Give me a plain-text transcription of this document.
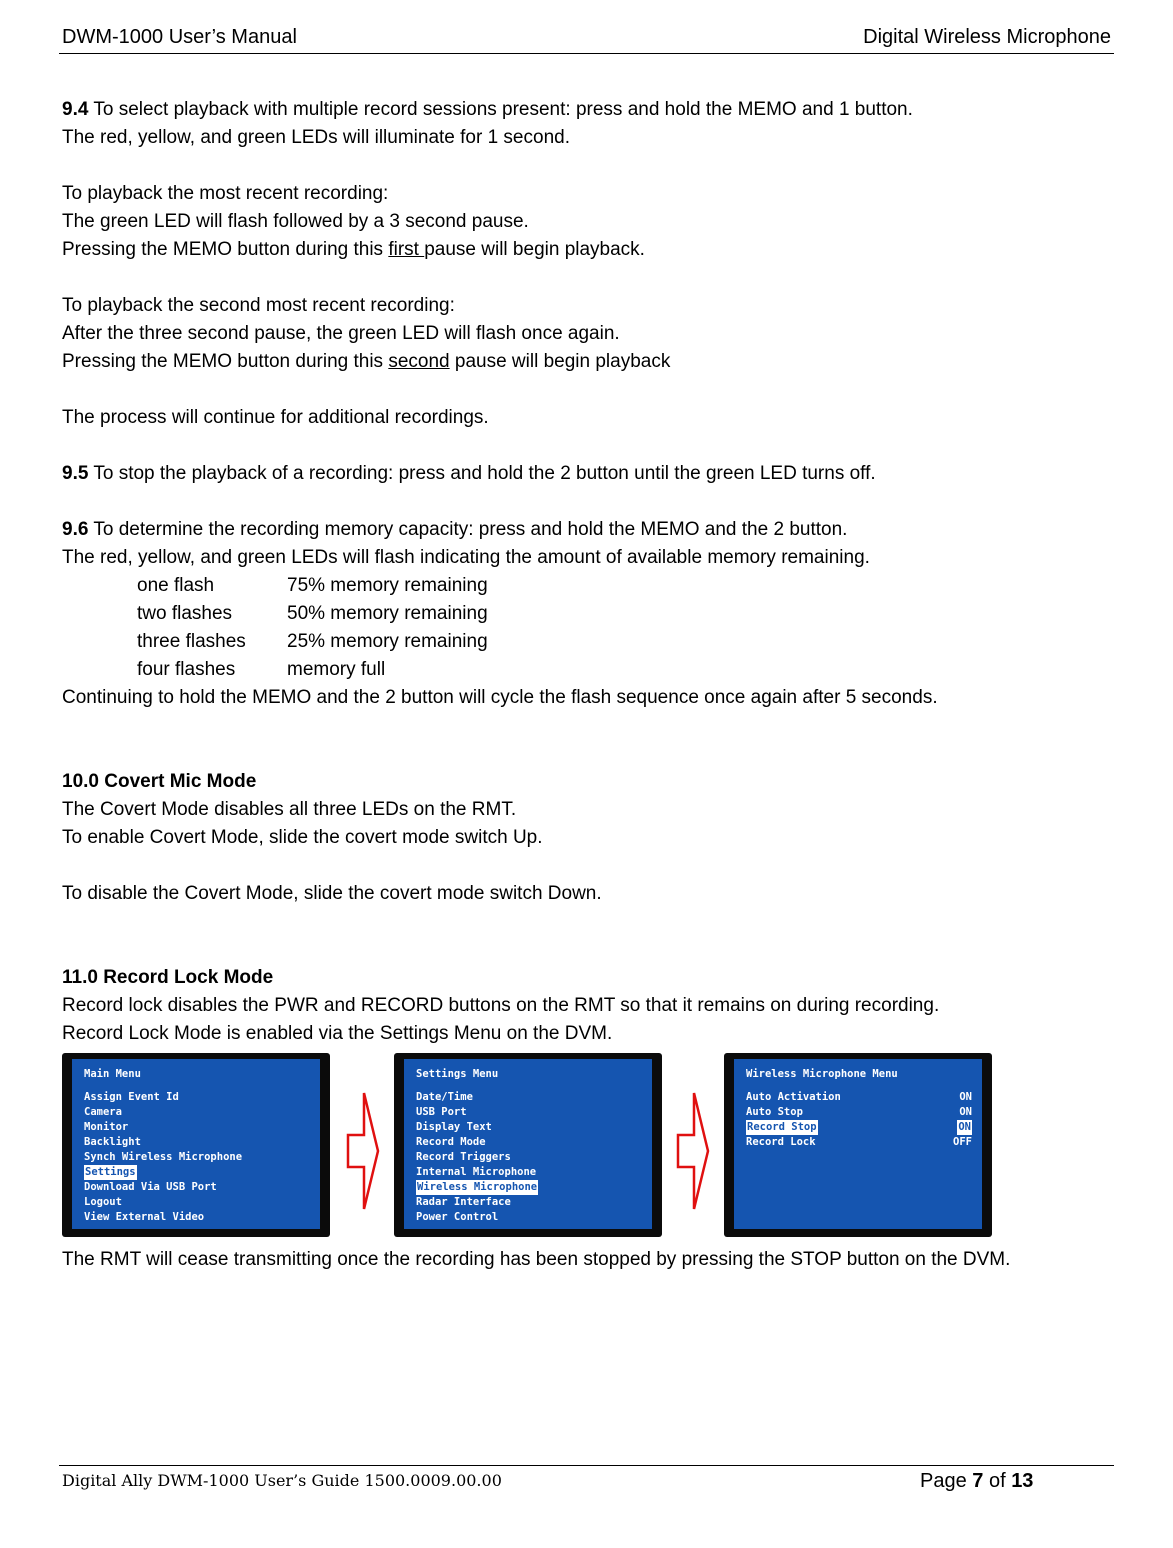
DWM-1000 User’s Manual	Digital Wireless Microphone
9.4 To select playback with multiple record sessions present: press and hold the MEMO and 1 button.
The red, yellow, and green LEDs will illuminate for 1 second.
To playback the most recent recording:
The green LED will flash followed by a 3 second pause.
Pressing the MEMO button during this first pause will begin playback.
To playback the second most recent recording:
After the three second pause, the green LED will flash once again.
Pressing the MEMO button during this second pause will begin playback
The process will continue for additional recordings.
9.5 To stop the playback of a recording: press and hold the 2 button until the green LED turns off.
9.6 To determine the recording memory capacity: press and hold the MEMO and the 2 button.
The red, yellow, and green LEDs will flash indicating the amount of available memory remaining.
one flash	75% memory remaining
two flashes	50% memory remaining
three flashes 25% memory remaining
four flashes	memory full
Continuing to hold the MEMO and the 2 button will cycle the flash sequence once again after 5 seconds.
10.0 Covert Mic Mode
The Covert Mode disables all three LEDs on the RMT.
To enable Covert Mode, slide the covert mode switch Up.
To disable the Covert Mode, slide the covert mode switch Down.
11.0 Record Lock Mode
Record lock disables the PWR and RECORD buttons on the RMT so that it remains on during recording.
Record Lock Mode is enabled via the Settings Menu on the DVM.
Main Menu
Assign Event Id
Camera
Monitor
Backlight
Synch Wireless Microphone
Settings
Download Via USB Port
Logout
View External Video
Settings Menu
Date/Time
USB Port
Display Text
Record Mode
Record Triggers
Internal Microphone
Wireless Microphone
Radar Interface
Power Control
Wireless Microphone Menu
Auto Activation	ON
Auto Stop	ON
Record Stop	ON
Record Lock	OFF
The RMT will cease transmitting once the recording has been stopped by pressing the STOP button on the DVM.
Digital Ally DWM-1000 User’s Guide 1500.0009.00.00	Page 7 of 13
